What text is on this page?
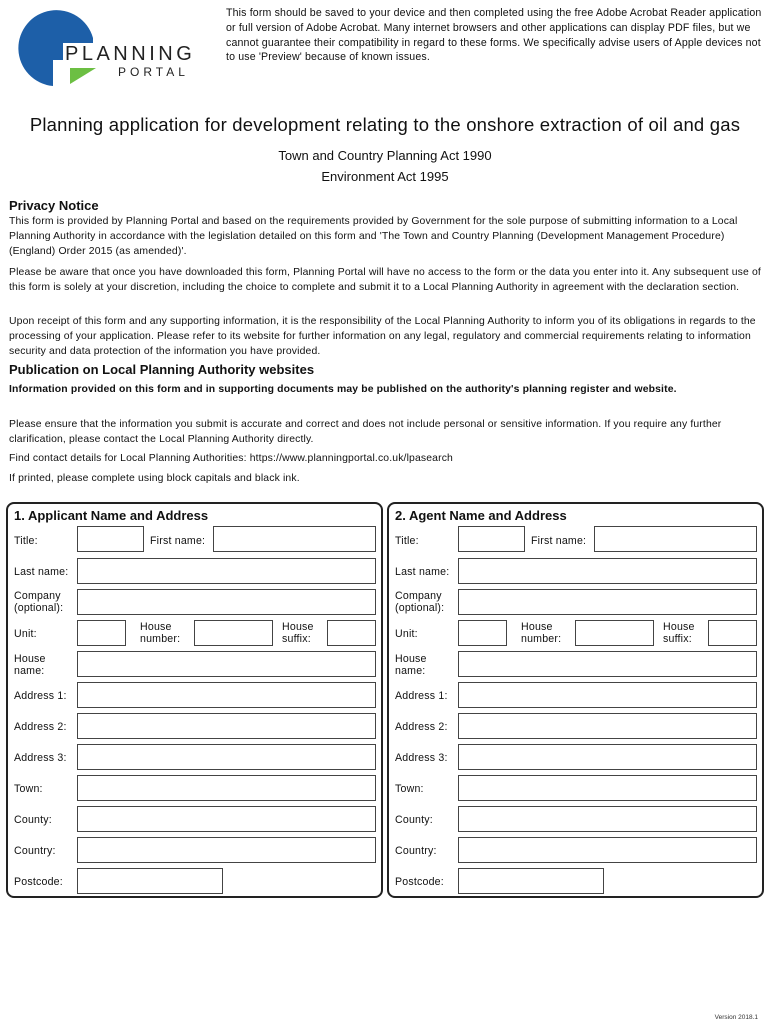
PLANNING
PORTAL
This form should be saved to your device and then completed using the free Adobe Acrobat Reader application or full version of Adobe Acrobat. Many internet browsers and other applications can display PDF files, but we cannot guarantee their compatibility in regard to these forms. We specifically advise users of Apple devices not to use 'Preview' because of known issues.
Planning application for development relating to the onshore extraction of oil and gas
Town and Country Planning Act 1990
Environment Act 1995
Privacy Notice
This form is provided by Planning Portal and based on the requirements provided by Government for the sole purpose of submitting information to a Local Planning Authority in accordance with the legislation detailed on this form and 'The Town and Country Planning (Development Management Procedure) (England) Order 2015 (as amended)'.
Please be aware that once you have downloaded this form, Planning Portal will have no access to the form or the data you enter into it. Any subsequent use of this form is solely at your discretion, including the choice to complete and submit it to a Local Planning Authority in agreement with the declaration section.
Upon receipt of this form and any supporting information, it is the responsibility of the Local Planning Authority to inform you of its obligations in regards to the processing of your application. Please refer to its website for further information on any legal, regulatory and commercial requirements relating to information security and data protection of the information you have provided.
Publication on Local Planning Authority websites
Information provided on this form and in supporting documents may be published on the authority's planning register and website.
Please ensure that the information you submit is accurate and correct and does not include personal or sensitive information. If you require any further clarification, please contact the Local Planning Authority directly.
Find contact details for Local Planning Authorities: https://www.planningportal.co.uk/lpasearch
If printed, please complete using block capitals and black ink.
1. Applicant Name and Address
Title:	First name:
Last name:
Company (optional):
Unit:
House number:
House suffix:
House name:
Address 1:
Address 2:
Address 3:
Town:
County:
Country:
Postcode:
2. Agent Name and Address
Title:	First name:
Last name:
Company (optional):
Unit:
House number:
House suffix:
House name:
Address 1:
Address 2:
Address 3:
Town:
County:
Country:
Postcode:
Version 2018.1
